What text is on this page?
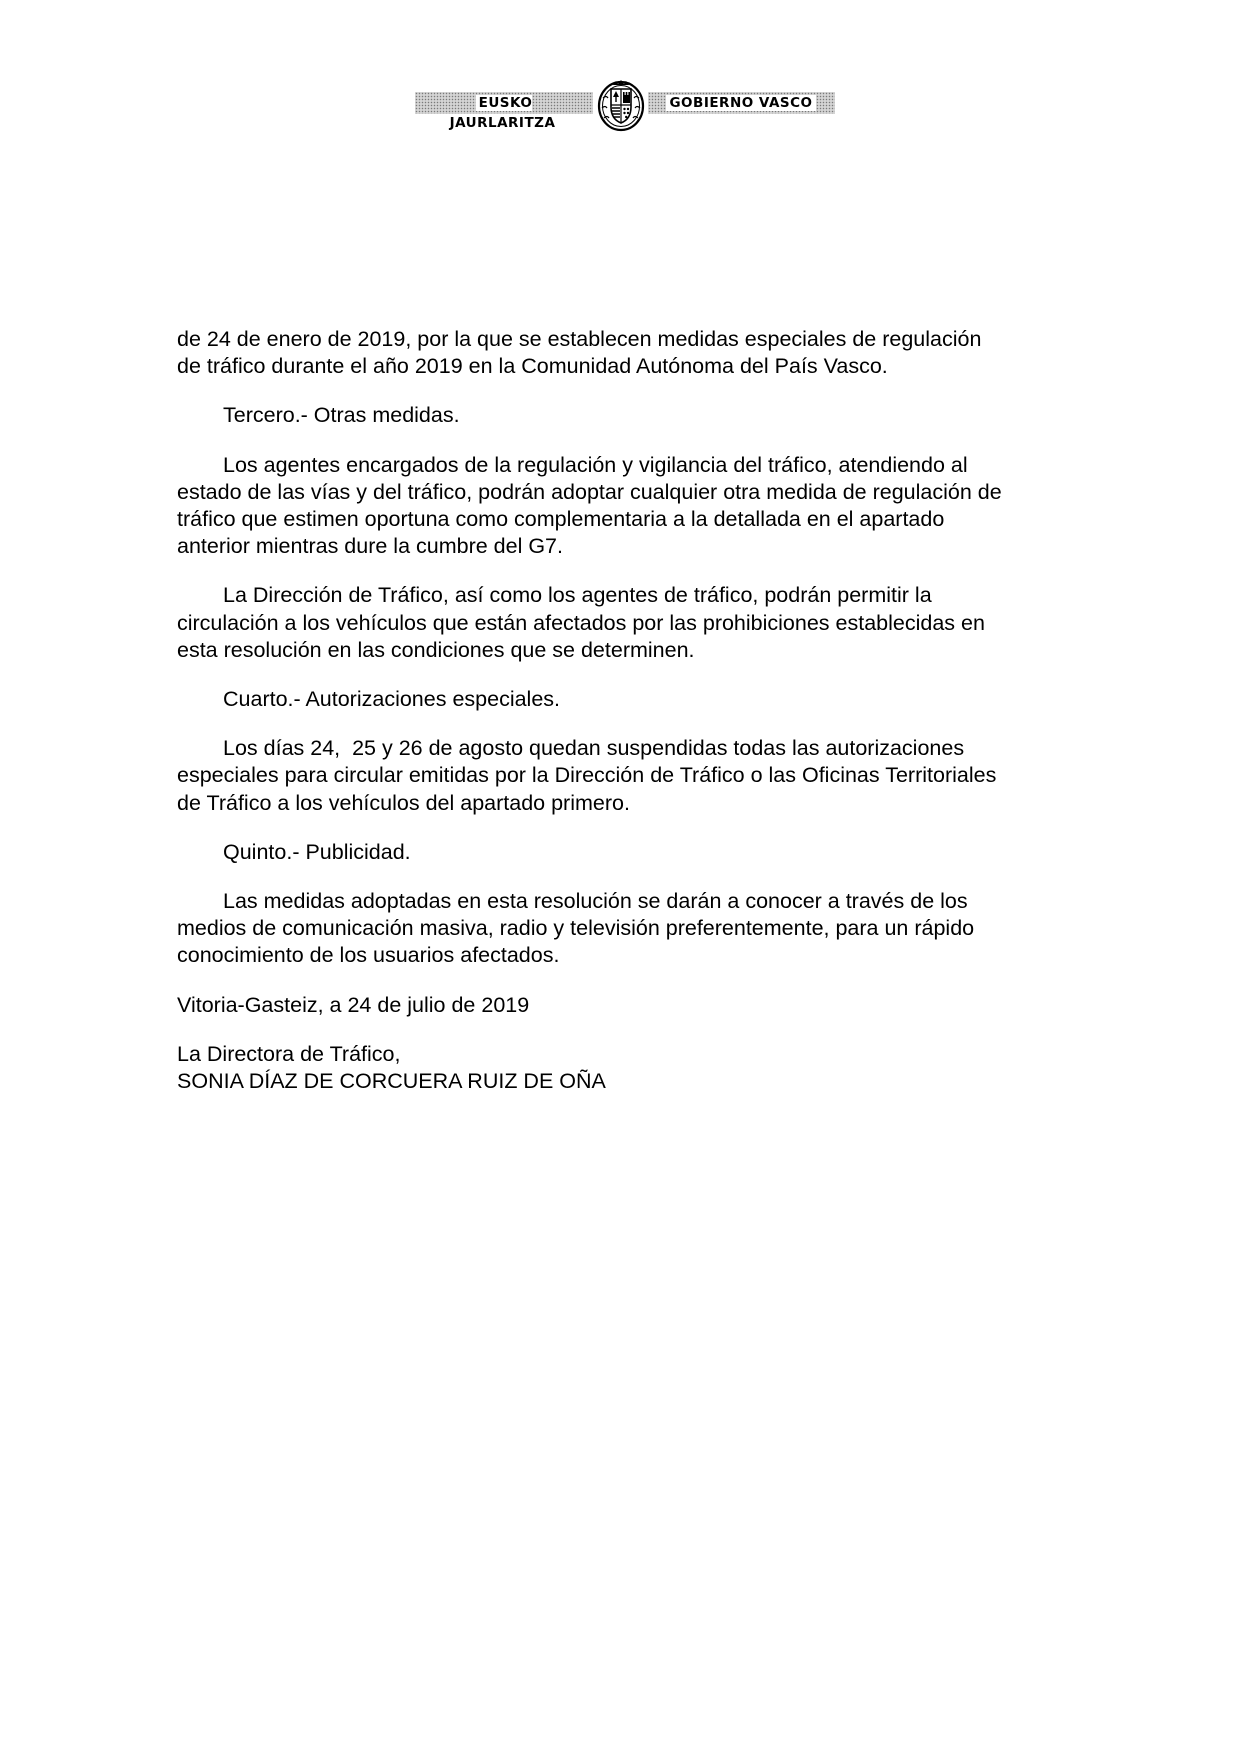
EUSKO JAURLARITZA
GOBIERNO VASCO

de 24 de enero de 2019, por la que se establecen medidas especiales de regulación
de tráfico durante el año 2019 en la Comunidad Autónoma del País Vasco.

Tercero.- Otras medidas.

Los agentes encargados de la regulación y vigilancia del tráfico, atendiendo al
estado de las vías y del tráfico, podrán adoptar cualquier otra medida de regulación de
tráfico que estimen oportuna como complementaria a la detallada en el apartado
anterior mientras dure la cumbre del G7.

La Dirección de Tráfico, así como los agentes de tráfico, podrán permitir la
circulación a los vehículos que están afectados por las prohibiciones establecidas en
esta resolución en las condiciones que se determinen.

Cuarto.- Autorizaciones especiales.

Los días 24,  25 y 26 de agosto quedan suspendidas todas las autorizaciones
especiales para circular emitidas por la Dirección de Tráfico o las Oficinas Territoriales
de Tráfico a los vehículos del apartado primero.

Quinto.- Publicidad.

Las medidas adoptadas en esta resolución se darán a conocer a través de los
medios de comunicación masiva, radio y televisión preferentemente, para un rápido
conocimiento de los usuarios afectados.

Vitoria-Gasteiz, a 24 de julio de 2019

La Directora de Tráfico,
SONIA DÍAZ DE CORCUERA RUIZ DE OÑA
